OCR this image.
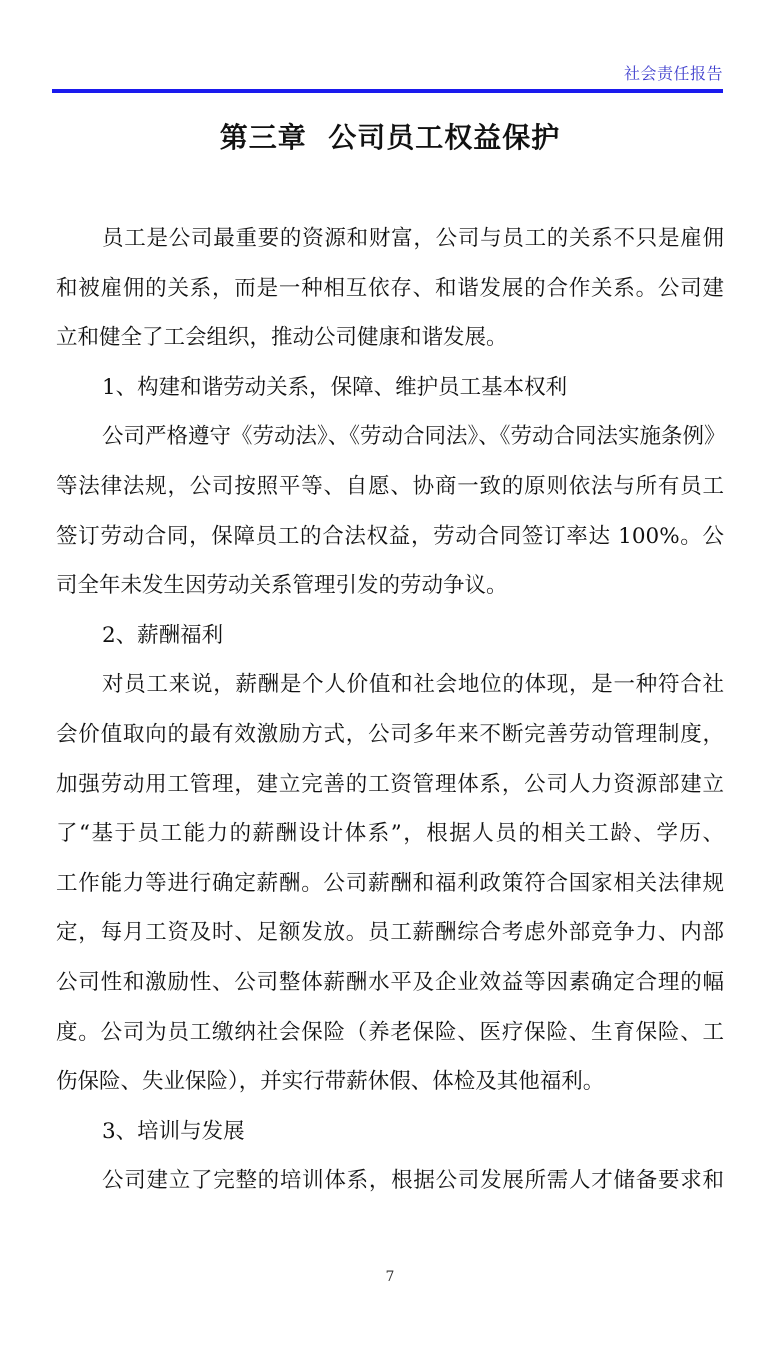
社会责任报告
第三章  公司员工权益保护
员工是公司最重要的资源和财富，公司与员工的关系不只是雇佣
和被雇佣的关系，而是一种相互依存、和谐发展的合作关系。公司建
立和健全了工会组织，推动公司健康和谐发展。
1、构建和谐劳动关系，保障、维护员工基本权利
公司严格遵守《劳动法》、《劳动合同法》、《劳动合同法实施条例》
等法律法规，公司按照平等、自愿、协商一致的原则依法与所有员工
签订劳动合同，保障员工的合法权益，劳动合同签订率达 100%。公
司全年未发生因劳动关系管理引发的劳动争议。
2、薪酬福利
对员工来说，薪酬是个人价值和社会地位的体现，是一种符合社
会价值取向的最有效激励方式，公司多年来不断完善劳动管理制度，
加强劳动用工管理，建立完善的工资管理体系，公司人力资源部建立
了“基于员工能力的薪酬设计体系”，根据人员的相关工龄、学历、
工作能力等进行确定薪酬。公司薪酬和福利政策符合国家相关法律规
定，每月工资及时、足额发放。员工薪酬综合考虑外部竞争力、内部
公司性和激励性、公司整体薪酬水平及企业效益等因素确定合理的幅
度。公司为员工缴纳社会保险（养老保险、医疗保险、生育保险、工
伤保险、失业保险），并实行带薪休假、体检及其他福利。
3、培训与发展
公司建立了完整的培训体系，根据公司发展所需人才储备要求和
7
